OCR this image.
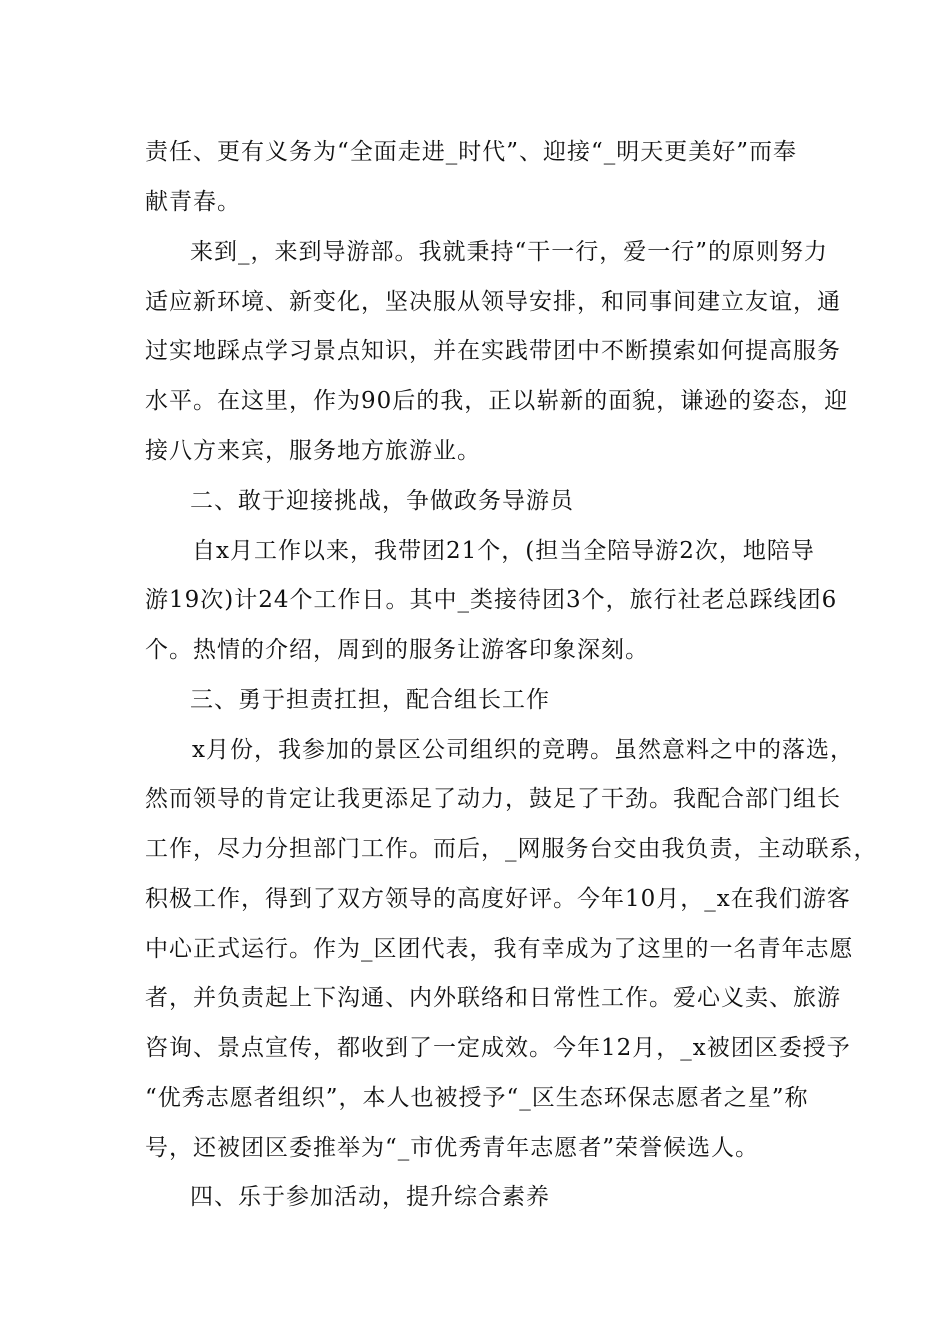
责任、更有义务为“全面走进_时代”、迎接“_明天更美好”而奉
献青春。
来到_，来到导游部。我就秉持“干一行，爱一行”的原则努力
适应新环境、新变化，坚决服从领导安排，和同事间建立友谊，通
过实地踩点学习景点知识，并在实践带团中不断摸索如何提高服务
水平。在这里，作为90后的我，正以崭新的面貌，谦逊的姿态，迎
接八方来宾，服务地方旅游业。
二、敢于迎接挑战，争做政务导游员
自x月工作以来，我带团21个，(担当全陪导游2次，地陪导
游19次)计24个工作日。其中_类接待团3个，旅行社老总踩线团6
个。热情的介绍，周到的服务让游客印象深刻。
三、勇于担责扛担，配合组长工作
x月份，我参加的景区公司组织的竞聘。虽然意料之中的落选，
然而领导的肯定让我更添足了动力，鼓足了干劲。我配合部门组长
工作，尽力分担部门工作。而后，_网服务台交由我负责，主动联系，
积极工作，得到了双方领导的高度好评。今年10月，_x在我们游客
中心正式运行。作为_区团代表，我有幸成为了这里的一名青年志愿
者，并负责起上下沟通、内外联络和日常性工作。爱心义卖、旅游
咨询、景点宣传，都收到了一定成效。今年12月，_x被团区委授予
“优秀志愿者组织”，本人也被授予“_区生态环保志愿者之星”称
号，还被团区委推举为“_市优秀青年志愿者”荣誉候选人。
四、乐于参加活动，提升综合素养
